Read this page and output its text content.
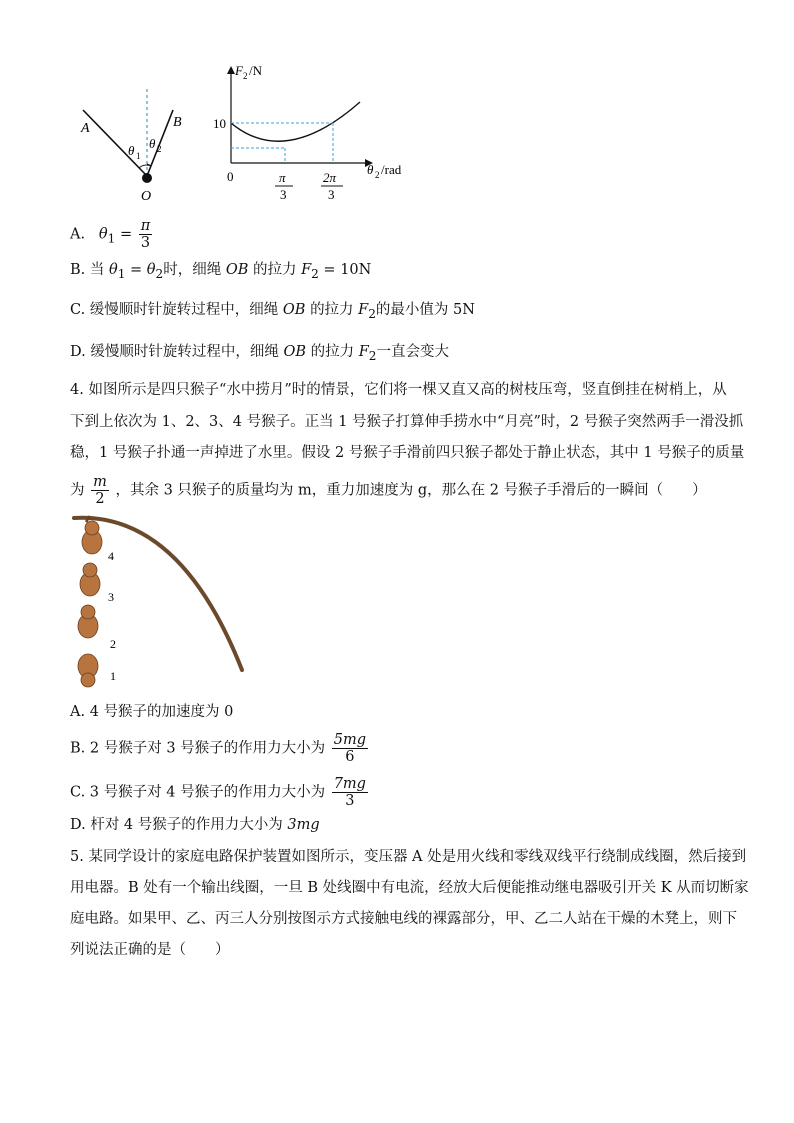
A	B
O
θ 1
θ 2
F 2 /N
10
0	θ 2 /rad
π
3
2π
3
A. $\theta_1 = \frac{\pi}{3}$
B. 当 $\theta_1 = \theta_2$时，细绳 OB 的拉力 $F_2 = 10N$
C. 缓慢顺时针旋转过程中，细绳 OB 的拉力 $F_2$的最小值为 5N
D. 缓慢顺时针旋转过程中，细绳 OB 的拉力 $F_2$一直会变大
4. 如图所示是四只猴子“水中捞月”时的情景，它们将一棵又直又高的树枝压弯，竖直倒挂在树梢上，从
下到上依次为 1、2、3、4 号猴子。正当 1 号猴子打算伸手捞水中“月亮”时，2 号猴子突然两手一滑没抓
稳，1 号猴子扑通一声掉进了水里。假设 2 号猴子手滑前四只猴子都处于静止状态，其中 1 号猴子的质量
为 $\frac{m}{2}$ ，其余 3 只猴子的质量均为 m，重力加速度为 g，那么在 2 号猴子手滑后的一瞬间（　　）
4
3
2
1
A. 4 号猴子的加速度为 0
B. 2 号猴子对 3 号猴子的作用力大小为 $\frac{5mg}{6}$
C. 3 号猴子对 4 号猴子的作用力大小为 $\frac{7mg}{3}$
D. 杆对 4 号猴子的作用力大小为 3mg
5. 某同学设计的家庭电路保护装置如图所示，变压器 A 处是用火线和零线双线平行绕制成线圈，然后接到
用电器。B 处有一个输出线圈，一旦 B 处线圈中有电流，经放大后便能推动继电器吸引开关 K 从而切断家
庭电路。如果甲、乙、丙三人分别按图示方式接触电线的裸露部分，甲、乙二人站在干燥的木凳上，则下
列说法正确的是（　　）
